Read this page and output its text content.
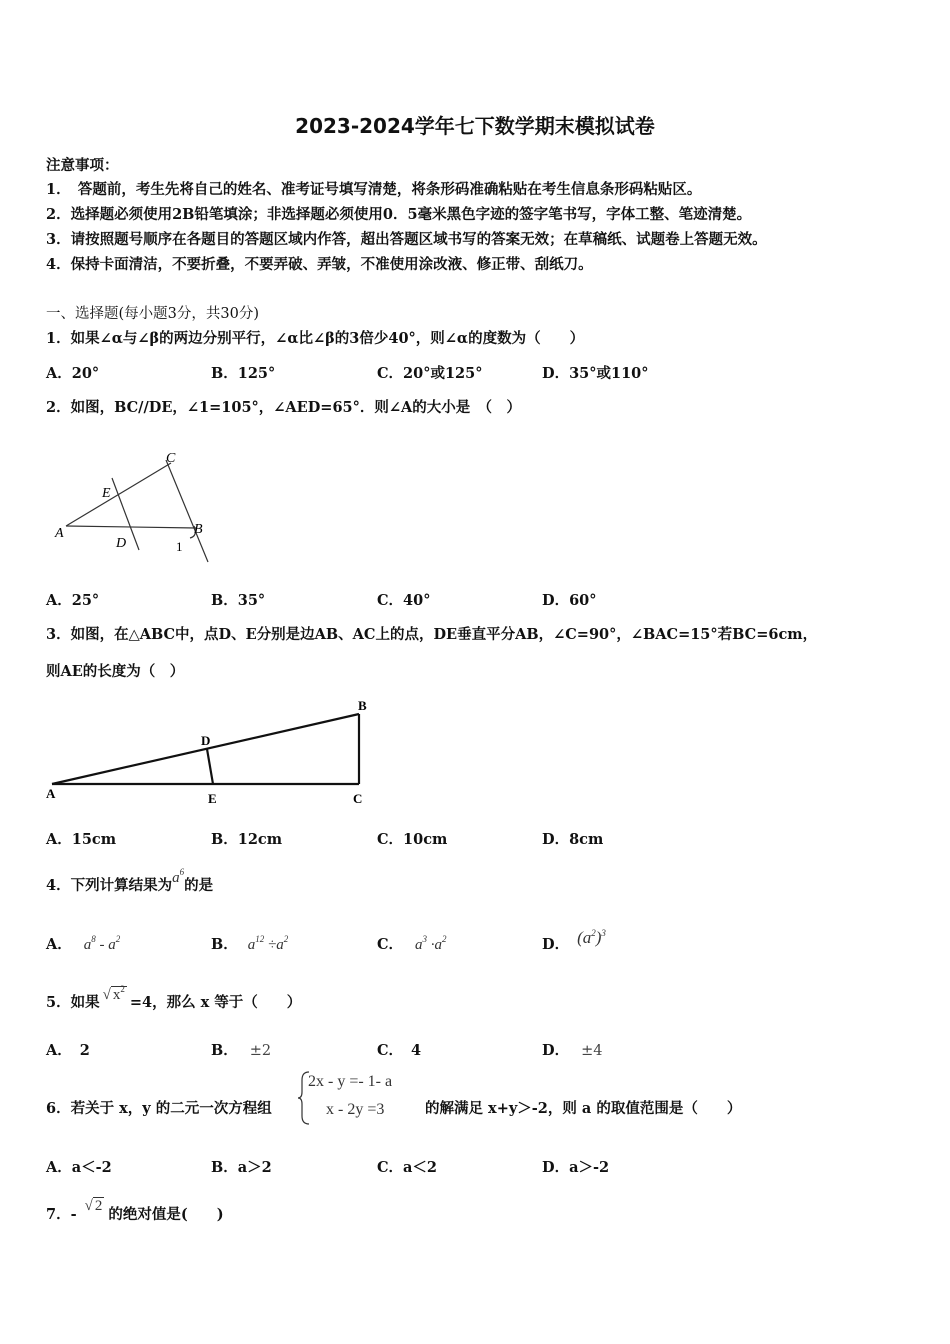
2023-2024学年七下数学期末模拟试卷
注意事项：
1．　答题前，考生先将自己的姓名、准考证号填写清楚，将条形码准确粘贴在考生信息条形码粘贴区。
2．选择题必须使用2B铅笔填涂；非选择题必须使用0．5毫米黑色字迹的签字笔书写，字体工整、笔迹清楚。
3．请按照题号顺序在各题目的答题区域内作答，超出答题区域书写的答案无效；在草稿纸、试题卷上答题无效。
4．保持卡面清洁，不要折叠，不要弄破、弄皱，不准使用涂改液、修正带、刮纸刀。
一、选择题(每小题3分，共30分)
1．如果∠α与∠β的两边分别平行，∠α比∠β的3倍少40°，则∠α的度数为（　　）
A．20°	B．125°	C．20°或125°	D．35°或110°
2．如图，BC//DE，∠1=105°，∠AED=65°．则∠A的大小是　（　）
C
E
A	B
D	1
A．25°	B．35°	C．40°	D．60°
3．如图，在△ABC中，点D、E分别是边AB、AC上的点，DE垂直平分AB，∠C=90°，∠BAC=15°若BC=6cm，
则AE的长度为（　）
B
D
A	E	C
A．15cm	B．12cm	C．10cm	D．8cm
4．下列计算结果为$a^6$的是
A． $a^8 - a^2$	B． $a^{12} \div a^2$	C． $a^3 \cdot a^2$	D． $(a^2)^3$
5．如果 √ $x^2=4$，那么 x 等于（　　）
A． 2	B． ±2	C． 4	D． ±4
6．若关于 x，y 的二元一次方程组
2x - y =- 1- a
x - 2y =3	的解满足 x+y＞-2，则 a 的取值范围是（　　）
A．a＜-2	B．a＞2	C．a＜2	D．a＞-2
7．- √ 2 的绝对值是(　　)
